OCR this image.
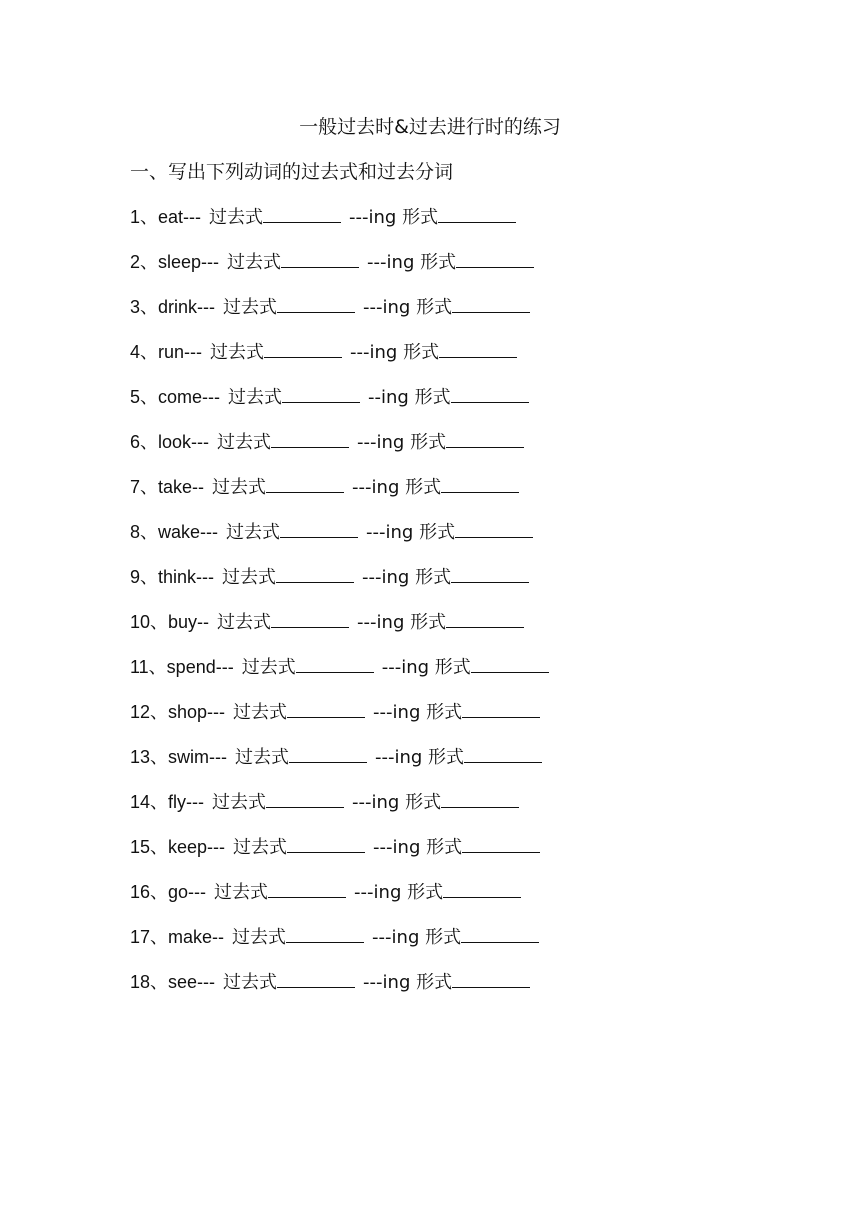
一般过去时&过去进行时的练习
一、写出下列动词的过去式和过去分词
1、eat--- 过去式	---ing 形式
2、sleep--- 过去式	---ing 形式
3、drink--- 过去式	---ing 形式
4、run--- 过去式	---ing 形式
5、come--- 过去式	--ing 形式
6、look--- 过去式	---ing 形式
7、take-- 过去式	---ing 形式
8、wake--- 过去式	---ing 形式
9、think--- 过去式	---ing 形式
10、buy-- 过去式	---ing 形式
11、spend--- 过去式	---ing 形式
12、shop--- 过去式	---ing 形式
13、swim--- 过去式	---ing 形式
14、fly--- 过去式	---ing 形式
15、keep--- 过去式	---ing 形式
16、go--- 过去式	---ing 形式
17、make-- 过去式	---ing 形式
18、see--- 过去式	---ing 形式
